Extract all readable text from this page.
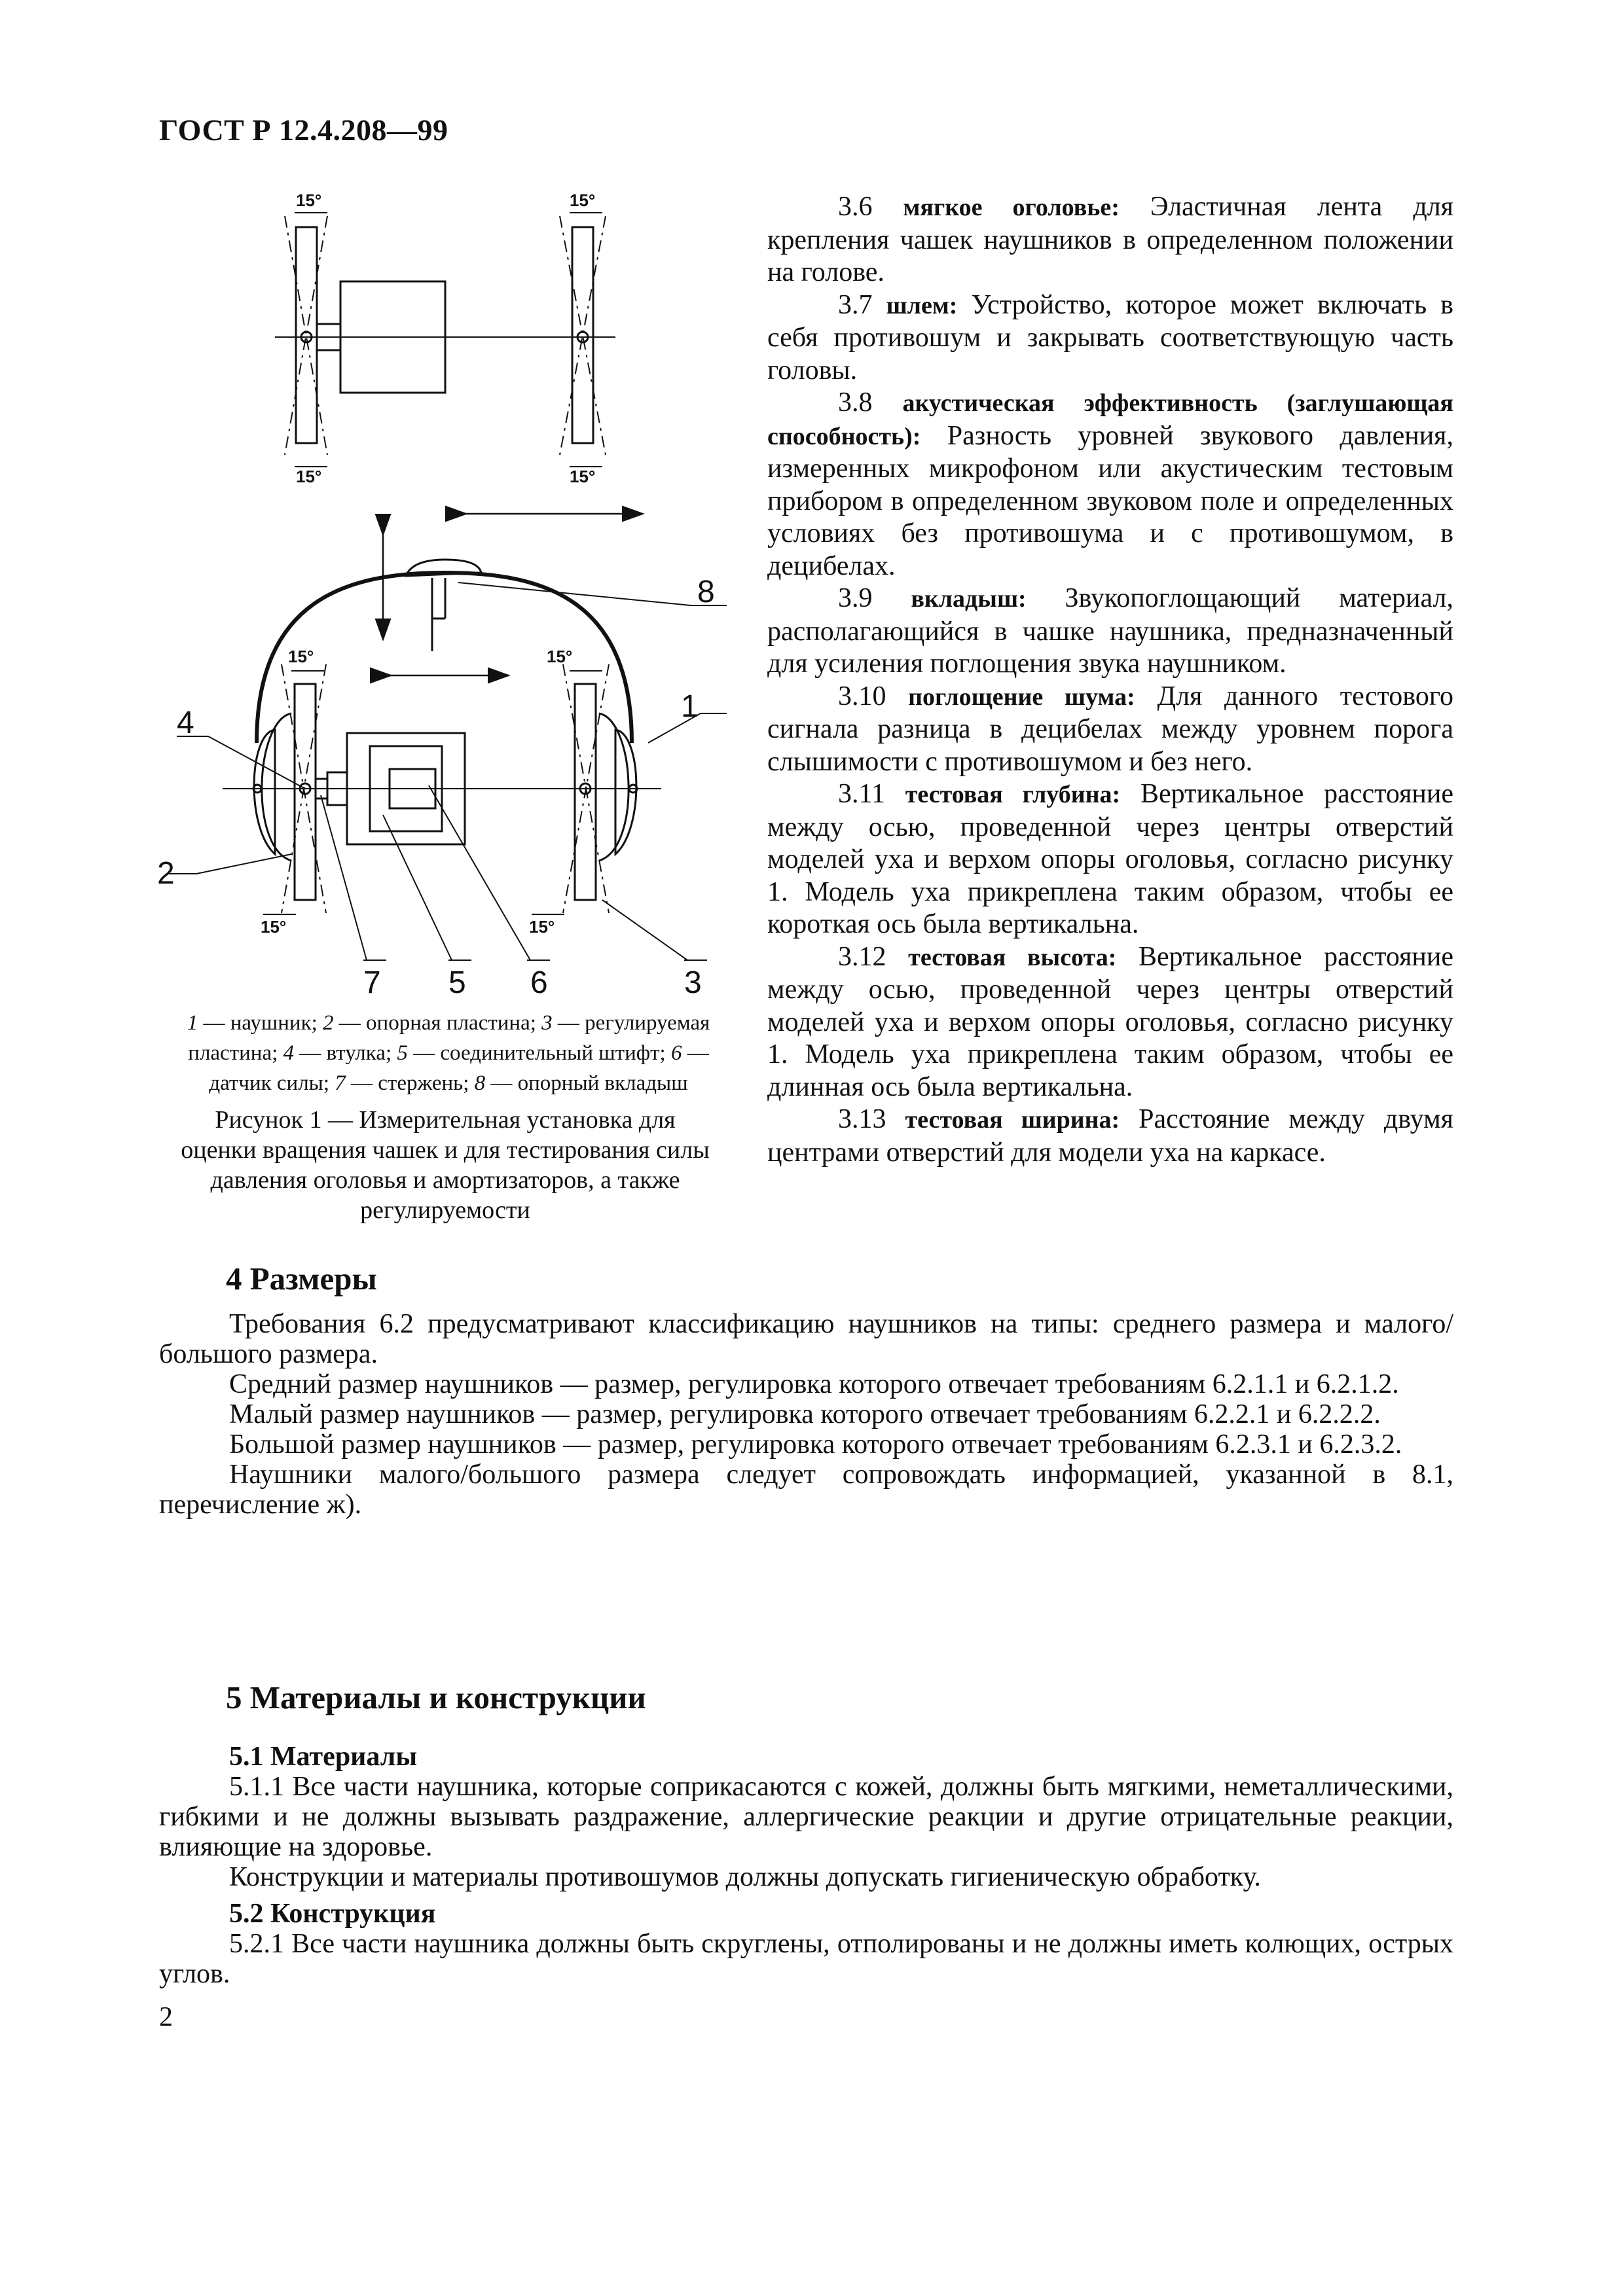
ГОСТ Р 12.4.208—99
15°	15°
15°	15°
15°	15°
15°	15°
1
2
3
4
5 6
7
8
1 — наушник; 2 — опорная пластина; 3 — регулируемая пластина; 4 — втулка; 5 — соединительный штифт; 6 — датчик силы; 7 — стержень; 8 — опорный вкладыш
Рисунок 1 — Измерительная установка для оценки вращения чашек и для тестирования силы давления оголовья и амортизаторов, а также регулируемости

3.6 мягкое оголовье: Эластичная лента для крепления чашек наушников в определенном положении на голове.

3.7 шлем: Устройство, которое может включать в себя противошум и закрывать соответствующую часть головы.

3.8 акустическая эффективность (заглушающая способность): Разность уровней звукового давления, измеренных микрофоном или акустическим тестовым прибором в определенном звуковом поле и определенных условиях без противошума и с противошумом, в децибелах.

3.9 вкладыш: Звукопоглощающий материал, располагающийся в чашке наушника, предназначенный для усиления поглощения звука наушником.

3.10 поглощение шума: Для данного тестового сигнала разница в децибелах между уровнем порога слышимости с противошумом и без него.

3.11 тестовая глубина: Вертикальное расстояние между осью, проведенной через центры отверстий моделей уха и верхом опоры оголовья, согласно рисунку 1. Модель уха прикреплена таким образом, чтобы ее короткая ось была вертикальна.

3.12 тестовая высота: Вертикальное расстояние между осью, проведенной через центры отверстий моделей уха и верхом опоры оголовья, согласно рисунку 1. Модель уха прикреплена таким образом, чтобы ее длинная ось была вертикальна.

3.13 тестовая ширина: Расстояние между двумя центрами отверстий для модели уха на каркасе.

4 Размеры

Требования 6.2 предусматривают классификацию наушников на типы: среднего размера и малого/большого размера.

Средний размер наушников — размер, регулировка которого отвечает требованиям 6.2.1.1 и 6.2.1.2.

Малый размер наушников — размер, регулировка которого отвечает требованиям 6.2.2.1 и 6.2.2.2.

Большой размер наушников — размер, регулировка которого отвечает требованиям 6.2.3.1 и 6.2.3.2.

Наушники малого/большого размера следует сопровождать информацией, указанной в 8.1, перечисление ж).

5 Материалы и конструкции
5.1 Материалы

5.1.1 Все части наушника, которые соприкасаются с кожей, должны быть мягкими, неметаллическими, гибкими и не должны вызывать раздражение, аллергические реакции и другие отрицательные реакции, влияющие на здоровье.

Конструкции и материалы противошумов должны допускать гигиеническую обработку.

5.2 Конструкция

5.2.1 Все части наушника должны быть скруглены, отполированы и не должны иметь колющих, острых углов.

2
